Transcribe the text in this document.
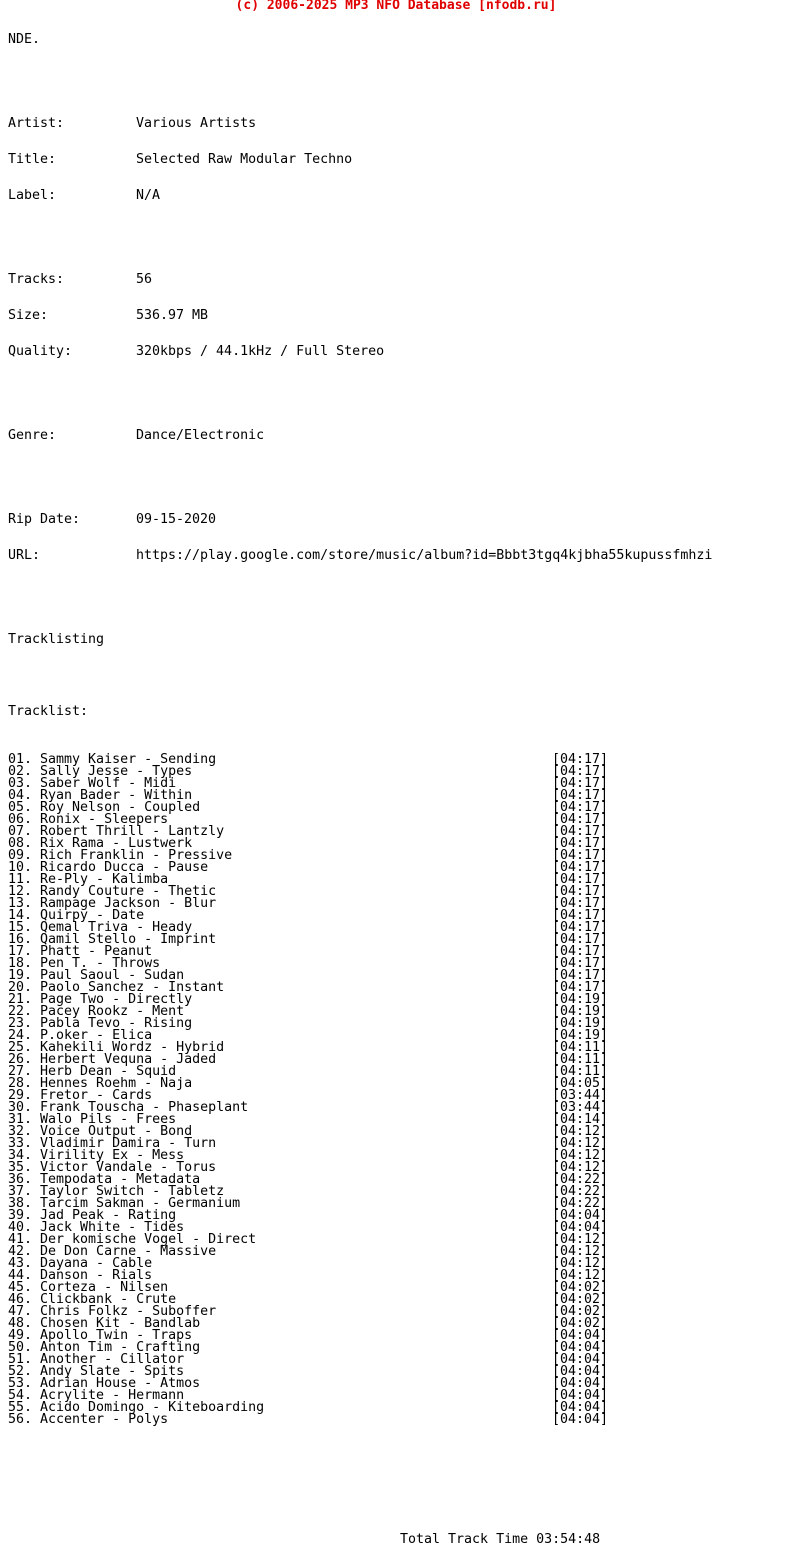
(c) 2006-2025 MP3 NFO Database [nfodb.ru]

NDE.

Artist:	Various Artists

Title:	Selected Raw Modular Techno

Label:	N/A

Tracks:	56

Size:	536.97 MB

Quality:	320kbps / 44.1kHz / Full Stereo

Genre:	Dance/Electronic

Rip Date:	09-15-2020

URL:	https://play.google.com/store/music/album?id=Bbbt3tgq4kjbha55kupussfmhzi

Tracklisting

Tracklist:

01. Sammy Kaiser - Sending	[04:17]
02. Sally Jesse - Types	[04:17]
03. Saber Wolf - Midi	[04:17]
04. Ryan Bader - Within	[04:17]
05. Roy Nelson - Coupled	[04:17]
06. Ronix - Sleepers	[04:17]
07. Robert Thrill - Lantzly	[04:17]
08. Rix Rama - Lustwerk	[04:17]
09. Rich Franklin - Pressive	[04:17]
10. Ricardo Ducca - Pause	[04:17]
11. Re-Ply - Kalimba	[04:17]
12. Randy Couture - Thetic	[04:17]
13. Rampage Jackson - Blur	[04:17]
14. Quirpy - Date	[04:17]
15. Qemal Triva - Heady	[04:17]
16. Qamil Stello - Imprint	[04:17]
17. Phatt - Peanut	[04:17]
18. Pen T. - Throws	[04:17]
19. Paul Saoul - Sudan	[04:17]
20. Paolo Sanchez - Instant	[04:17]
21. Page Two - Directly	[04:19]
22. Pacey Rookz - Ment	[04:19]
23. Pabla Tevo - Rising	[04:19]
24. P.oker - Elica	[04:19]
25. Kahekili Wordz - Hybrid	[04:11]
26. Herbert Vequna - Jaded	[04:11]
27. Herb Dean - Squid	[04:11]
28. Hennes Roehm - Naja	[04:05]
29. Fretor - Cards	[03:44]
30. Frank Touscha - Phaseplant	[03:44]
31. Walo Pils - Frees	[04:14]
32. Voice Output - Bond	[04:12]
33. Vladimir Damira - Turn	[04:12]
34. Virility Ex - Mess	[04:12]
35. Victor Vandale - Torus	[04:12]
36. Tempodata - Metadata	[04:22]
37. Taylor Switch - Tabletz	[04:22]
38. Tarcim Sakman - Germanium	[04:22]
39. Jad Peak - Rating	[04:04]
40. Jack White - Tides	[04:04]
41. Der komische Vogel - Direct	[04:12]
42. De Don Carne - Massive	[04:12]
43. Dayana - Cable	[04:12]
44. Danson - Rials	[04:12]
45. Corteza - Nilsen	[04:02]
46. Clickbank - Crute	[04:02]
47. Chris Folkz - Suboffer	[04:02]
48. Chosen Kit - Bandlab	[04:02]
49. Apollo Twin - Traps	[04:04]
50. Anton Tim - Crafting	[04:04]
51. Another - Cillator	[04:04]
52. Andy Slate - Spits	[04:04]
53. Adrian House - Atmos	[04:04]
54. Acrylite - Hermann	[04:04]
55. Acido Domingo - Kiteboarding	[04:04]
56. Accenter - Polys	[04:04]

Total Track Time 03:54:48
